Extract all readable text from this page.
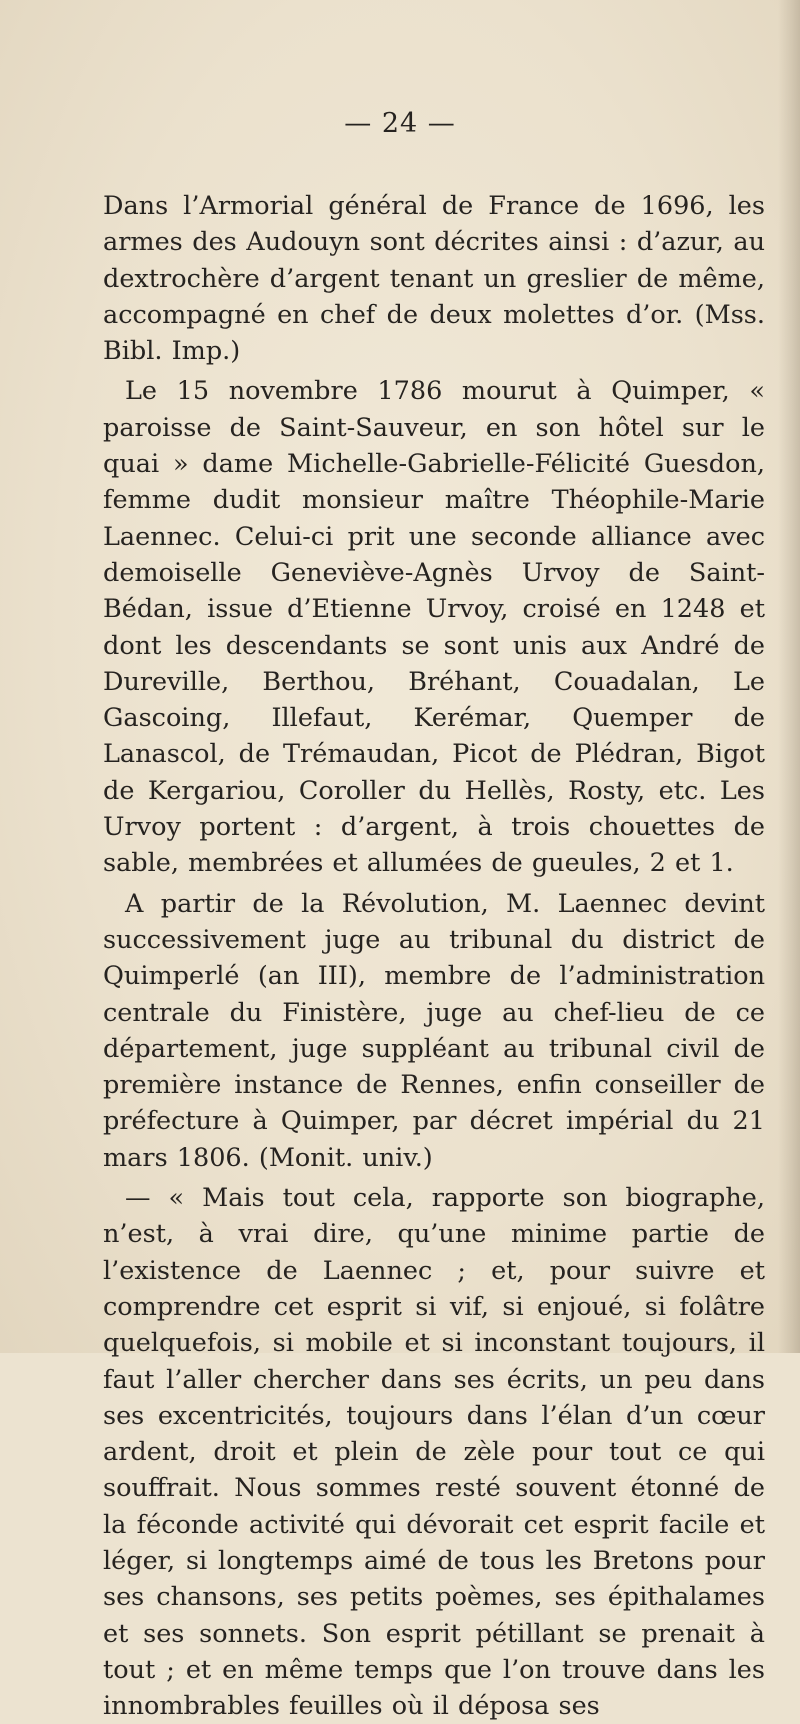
— 24 —

Dans l’Armorial général de France de 1696, les armes des Audouyn sont décrites ainsi : d’azur, au dextrochère d’argent tenant un greslier de même, accompagné en chef de deux molettes d’or. (Mss. Bibl. Imp.)

Le 15 novembre 1786 mourut à Quimper, « paroisse de Saint-Sauveur, en son hôtel sur le quai » dame Michelle-Gabrielle-Félicité Guesdon, femme dudit monsieur maître Théophile-Marie Laennec. Celui-ci prit une seconde alliance avec demoiselle Geneviève-Agnès Urvoy de Saint-Bédan, issue d’Etienne Urvoy, croisé en 1248 et dont les descendants se sont unis aux André de Dureville, Berthou, Bréhant, Couadalan, Le Gascoing, Illefaut, Kerémar, Quemper de Lanascol, de Trémaudan, Picot de Plédran, Bigot de Kergariou, Coroller du Hellès, Rosty, etc. Les Urvoy portent : d’argent, à trois chouettes de sable, membrées et allumées de gueules, 2 et 1.

A partir de la Révolution, M. Laennec devint successivement juge au tribunal du district de Quimperlé (an III), membre de l’administration centrale du Finistère, juge au chef-lieu de ce département, juge suppléant au tribunal civil de première instance de Rennes, enfin conseiller de préfecture à Quimper, par décret impérial du 21 mars 1806. (Monit. univ.)

— « Mais tout cela, rapporte son biographe, n’est, à vrai dire, qu’une minime partie de l’existence de Laennec ; et, pour suivre et comprendre cet esprit si vif, si enjoué, si folâtre quelquefois, si mobile et si inconstant toujours, il faut l’aller chercher dans ses écrits, un peu dans ses excentricités, toujours dans l’élan d’un cœur ardent, droit et plein de zèle pour tout ce qui souffrait. Nous sommes resté souvent étonné de la féconde activité qui dévorait cet esprit facile et léger, si longtemps aimé de tous les Bretons pour ses chansons, ses petits poèmes, ses épithalames et ses sonnets. Son esprit pétillant se prenait à tout ; et en même temps que l’on trouve dans les innombrables feuilles où il déposa ses
